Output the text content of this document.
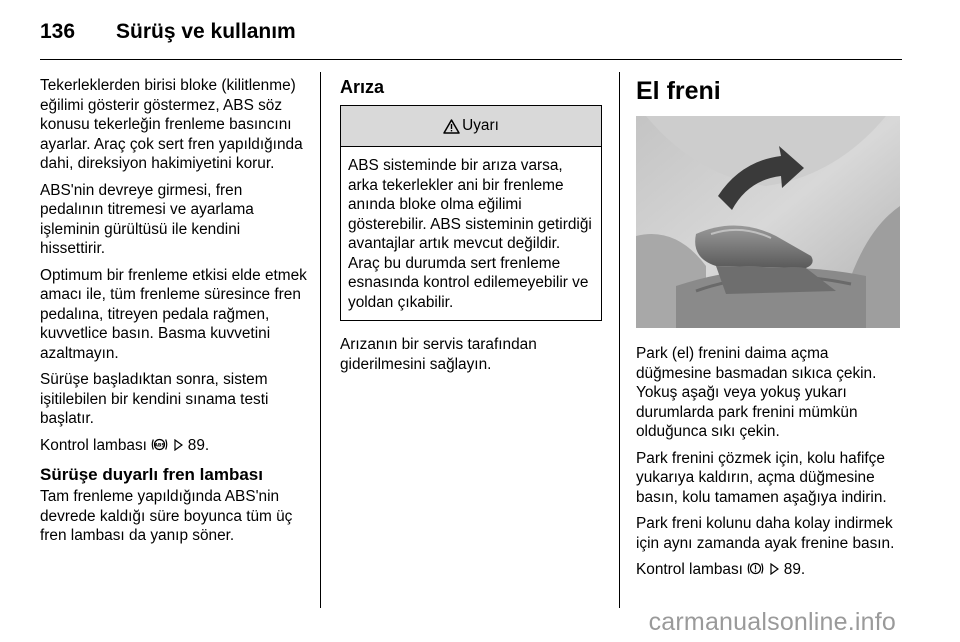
136 Sürüş ve kullanım

Tekerleklerden birisi bloke (kilitlenme) eğilimi gösterir göstermez, ABS söz konusu tekerleğin frenleme basıncını ayarlar. Araç çok sert fren yapıldığında dahi, direksiyon hakimiyetini korur.

ABS'nin devreye girmesi, fren pedalının titremesi ve ayarlama işleminin gürültüsü ile kendini hissettirir.

Optimum bir frenleme etkisi elde etmek amacı ile, tüm frenleme süresince fren pedalına, titreyen pedala rağmen, kuvvetlice basın. Basma kuvvetini azaltmayın.

Sürüşe başladıktan sonra, sistem işitilebilen bir kendini sınama testi başlatır.

Kontrol lambası ABS 89.

Sürüşe duyarlı fren lambası

Tam frenleme yapıldığında ABS'nin devrede kaldığı süre boyunca tüm üç fren lambası da yanıp söner.

Arıza
Uyarı
ABS sisteminde bir arıza varsa, arka tekerlekler ani bir frenleme anında bloke olma eğilimi gösterebilir. ABS sisteminin getirdiği avantajlar artık mevcut değildir. Araç bu durumda sert frenleme esnasında kontrol edilemeyebilir ve yoldan çıkabilir.

Arızanın bir servis tarafından giderilmesini sağlayın.

El freni

Park (el) frenini daima açma düğmesine basmadan sıkıca çekin. Yokuş aşağı veya yokuş yukarı durumlarda park frenini mümkün olduğunca sıkı çekin.

Park frenini çözmek için, kolu hafifçe yukarıya kaldırın, açma düğmesine basın, kolu tamamen aşağıya indirin.

Park freni kolunu daha kolay indirmek için aynı zamanda ayak frenine basın.

Kontrol lambası	89.

carmanualsonline.info
